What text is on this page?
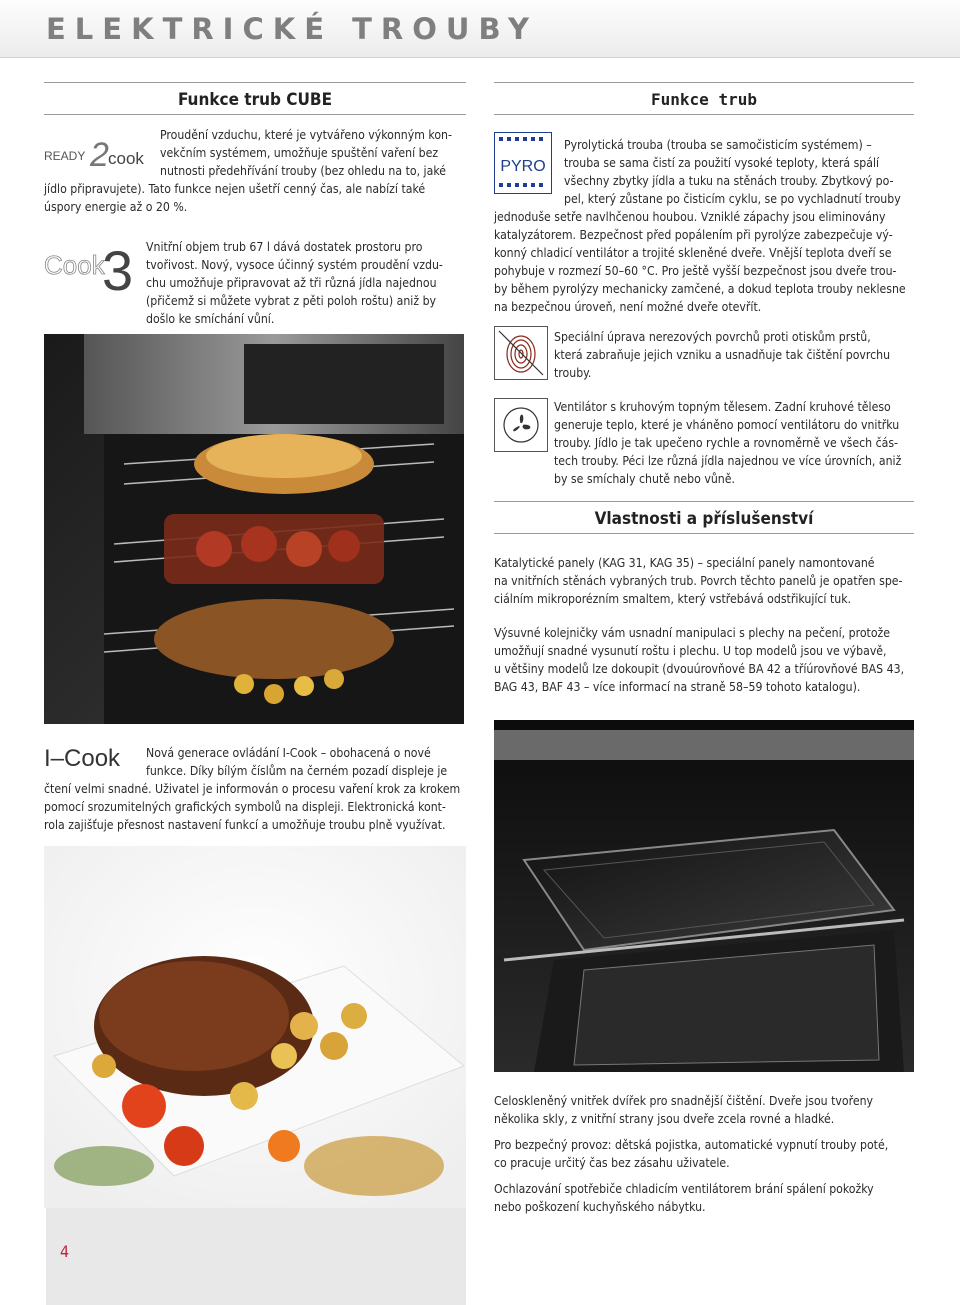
ELEKTRICKÉ TROUBY
Funkce trub CUBE
READY 2 cook
Proudění vzduchu, které je vytvářeno výkonným kon-
vekčním systémem, umožňuje spuštění vaření bez
nutnosti předehřívání trouby (bez ohledu na to, jaké
jídlo připravujete). Tato funkce nejen ušetří cenný čas, ale nabízí také
úspory energie až o 20 %.
Cook
3 Vnitřní objem trub 67 l dává dostatek prostoru pro
tvořivost. Nový, vysoce účinný systém proudění vzdu-
chu umožňuje připravovat až tři různá jídla najednou
(přičemž si můžete vybrat z pěti poloh roštu) aniž by
došlo ke smíchání vůní.
I–Cook Nová generace ovládání I-Cook – obohacená o nové
funkce. Díky bílým číslům na černém pozadí displeje je
čtení velmi snadné. Uživatel je informován o procesu vaření krok za krokem
pomocí srozumitelných grafických symbolů na displeji. Elektronická kont-
rola zajišťuje přesnost nastavení funkcí a umožňuje troubu plně využívat.
4
Funkce trub
PYRO
Pyrolytická trouba (trouba se samočisticím systémem) –
trouba se sama čistí za použití vysoké teploty, která spálí
všechny zbytky jídla a tuku na stěnách trouby. Zbytkový po-
pel, který zůstane po čisticím cyklu, se po vychladnutí trouby
jednoduše setře navlhčenou houbou. Vzniklé zápachy jsou eliminovány
katalyzátorem. Bezpečnost před popálením při pyrolýze zabezpečuje vý-
konný chladicí ventilátor a trojité skleněné dveře. Vnější teplota dveří se
pohybuje v rozmezí 50–60 °C. Pro ještě vyšší bezpečnost jsou dveře trou-
by během pyrolýzy mechanicky zamčené, a dokud teplota trouby neklesne
na bezpečnou úroveň, není možné dveře otevřít.
Speciální úprava nerezových povrchů proti otiskům prstů,
která zabraňuje jejich vzniku a usnadňuje tak čištění povrchu
trouby.
Ventilátor s kruhovým topným tělesem. Zadní kruhové těleso
generuje teplo, které je vháněno pomocí ventilátoru do vnitřku
trouby. Jídlo je tak upečeno rychle a rovnoměrně ve všech čás-
tech trouby. Péci lze různá jídla najednou ve více úrovních, aniž
by se smíchaly chutě nebo vůně.
Vlastnosti a příslušenství
Katalytické panely (KAG 31, KAG 35) – speciální panely namontované
na vnitřních stěnách vybraných trub. Povrch těchto panelů je opatřen spe-
ciálním mikroporézním smaltem, který vstřebává odstřikující tuk.
Výsuvné kolejničky vám usnadní manipulaci s plechy na pečení, protože
umožňují snadné vysunutí roštu i plechu. U top modelů jsou ve výbavě,
u většiny modelů lze dokoupit (dvouúrovňové BA 42 a tříúrovňové BAS 43,
BAG 43, BAF 43 – více informací na straně 58–59 tohoto katalogu).
Celoskleněný vnitřek dvířek pro snadnější čištění. Dveře jsou tvořeny
několika skly, z vnitřní strany jsou dveře zcela rovné a hladké.
Pro bezpečný provoz: dětská pojistka, automatické vypnutí trouby poté,
co pracuje určitý čas bez zásahu uživatele.
Ochlazování spotřebiče chladicím ventilátorem brání spálení pokožky
nebo poškození kuchyňského nábytku.
